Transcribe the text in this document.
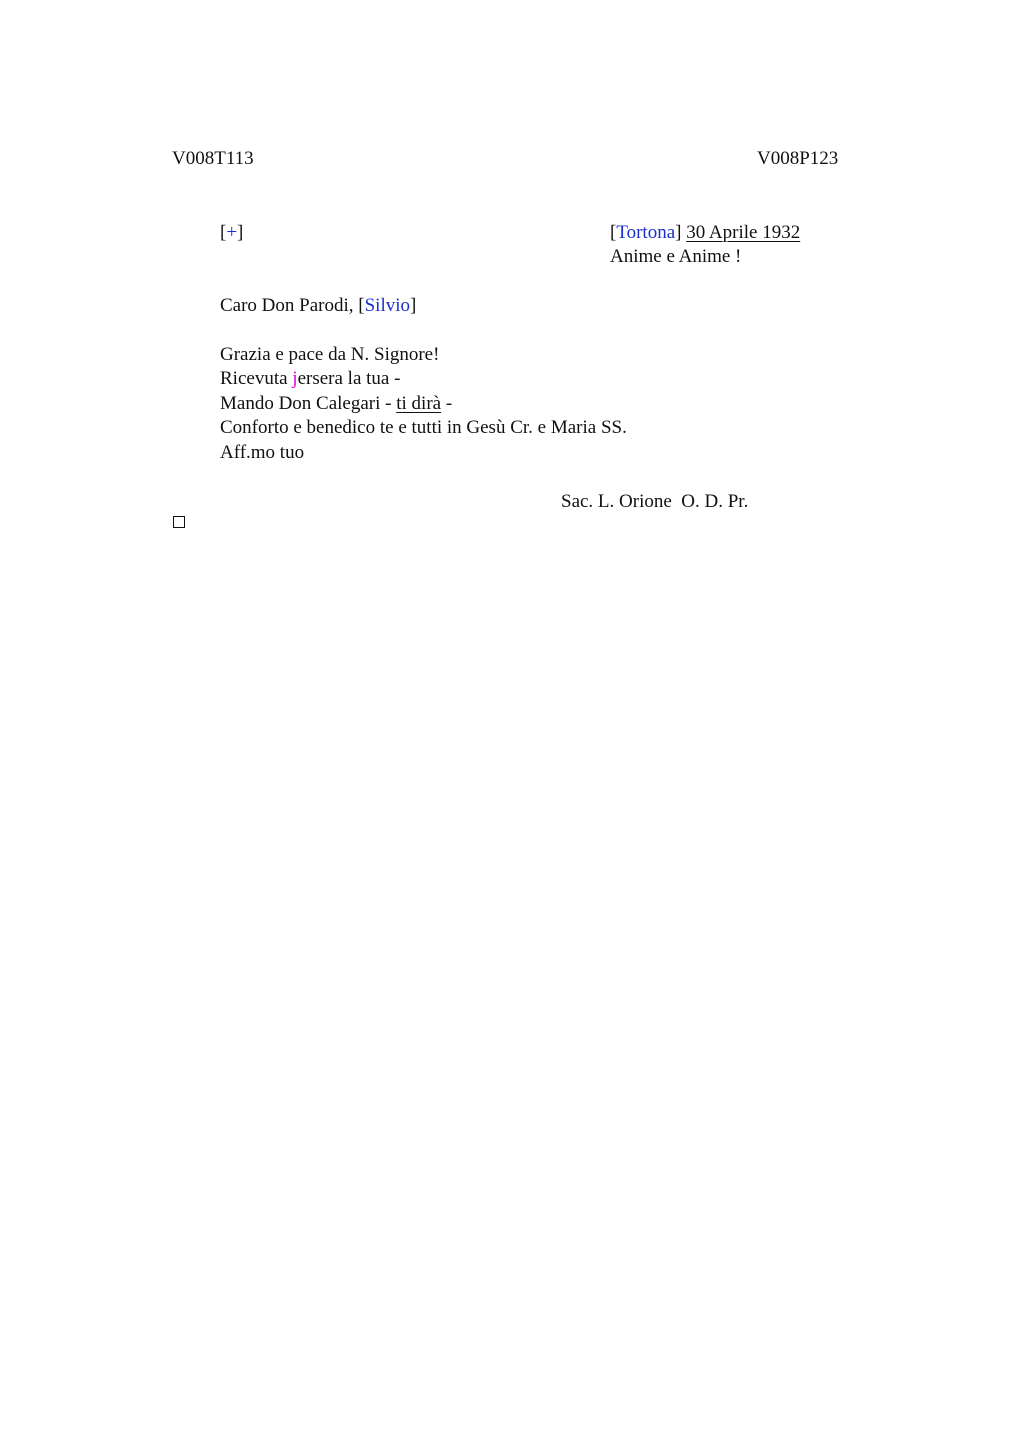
V008T113	V008P123
[+]	[Tortona] 30 Aprile 1932
Anime e Anime !
Caro Don Parodi, [Silvio]
Grazia e pace da N. Signore!
Ricevuta jersera la tua -
Mando Don Calegari - ti dirà -
Conforto e benedico te e tutti in Gesù Cr. e Maria SS.
Aff.mo tuo
Sac. L. Orione  O. D. Pr.
